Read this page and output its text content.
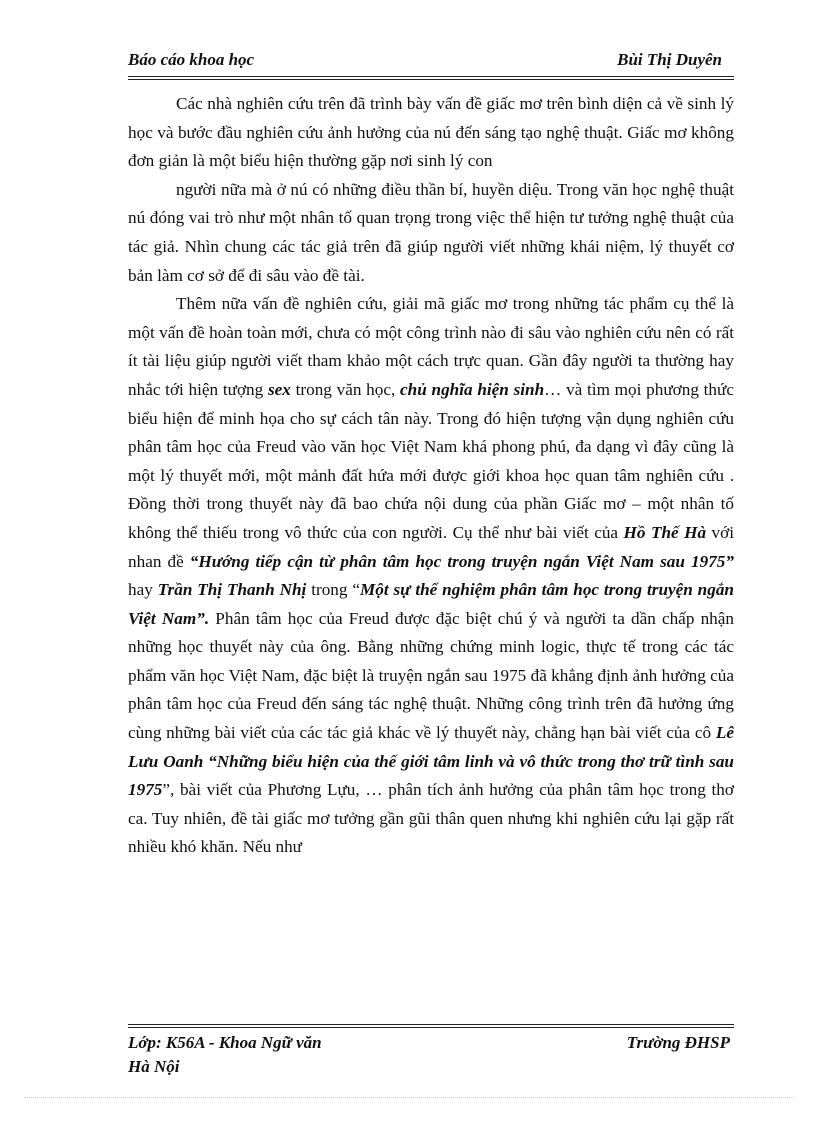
Báo cáo khoa học	Bùi Thị Duyên

Các nhà nghiên cứu trên đã trình bày vấn đề giấc mơ trên bình diện cả về sinh lý học và bước đầu nghiên cứu ảnh hưởng của nú đến sáng tạo nghệ thuật. Giấc mơ không đơn giản là một biểu hiện thường gặp nơi sinh lý con

người nữa mà ở nú có những điều thần bí, huyền diệu. Trong văn học nghệ thuật nú đóng vai trò như một nhân tố quan trọng trong việc thể hiện tư tưởng nghệ thuật của tác giả. Nhìn chung các tác giả trên đã giúp người viết những khái niệm, lý thuyết cơ bản làm cơ sở để đi sâu vào đề tài.

Thêm nữa vấn đề nghiên cứu, giải mã giấc mơ trong những tác phẩm cụ thể là một vấn đề hoàn toàn mới, chưa có một công trình nào đi sâu vào nghiên cứu nên có rất ít tài liệu giúp người viết tham khảo một cách trực quan. Gần đây người ta thường hay nhắc tới hiện tượng sex trong văn học, chủ nghĩa hiện sinh… và tìm mọi phương thức biểu hiện để minh họa cho sự cách tân này. Trong đó hiện tượng vận dụng nghiên cứu phân tâm học của Freud vào văn học Việt Nam khá phong phú, đa dạng vì đây cũng là một lý thuyết mới, một mảnh đất hứa mới được giới khoa học quan tâm nghiên cứu . Đồng thời trong thuyết này đã bao chứa nội dung của phần Giấc mơ – một nhân tố không thể thiếu trong vô thức của con người. Cụ thể như bài viết của Hồ Thế Hà với nhan đề “Hướng tiếp cận từ phân tâm học trong truyện ngắn Việt Nam sau 1975” hay Trần Thị Thanh Nhị trong “Một sự thể nghiệm phân tâm học trong truyện ngắn Việt Nam”. Phân tâm học của Freud được đặc biệt chú ý và người ta dần chấp nhận những học thuyết này của ông. Bằng những chứng minh logic, thực tế trong các tác phẩm văn học Việt Nam, đặc biệt là truyện ngắn sau 1975 đã khẳng định ảnh hưởng của phân tâm học của Freud đến sáng tác nghệ thuật. Những công trình trên đã hưởng ứng cùng những bài viết của các tác giả khác về lý thuyết này, chẳng hạn bài viết của cô Lê Lưu Oanh “Những biểu hiện của thế giới tâm linh và vô thức trong thơ trữ tình sau 1975”, bài viết của Phương Lựu, … phân tích ảnh hưởng của phân tâm học trong thơ ca. Tuy nhiên, đề tài giấc mơ tưởng gần gũi thân quen nhưng khi nghiên cứu lại gặp rất nhiều khó khăn. Nếu như

Lớp: K56A - Khoa Ngữ văn	Trường ĐHSP
Hà Nội
